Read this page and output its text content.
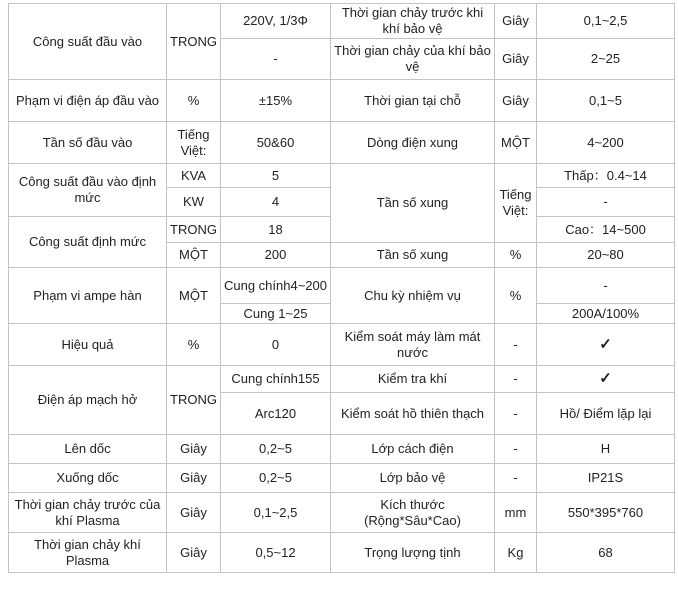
Công suất đầu vào	TRONG	220V, 1/3Φ	Thời gian chảy trước khi khí bảo vệ	Giây	0,1~2,5
		-	Thời gian chảy của khí bảo vệ	Giây	2~25
Phạm vi điện áp đầu vào	%	±15%	Thời gian tại chỗ	Giây	0,1~5
Tần số đầu vào	Tiếng Việt:	50&60	Dòng điện xung	MỘT	4~200
Công suất đầu vào định mức	KVA	5	Tần số xung	Tiếng Việt:	Thấp：0.4~14
	KW	4			-
Công suất định mức	TRONG	18			Cao：14~500
	MỘT	200	Tần số xung	%	20~80
Phạm vi ampe hàn	MỘT	Cung chính4~200	Chu kỳ nhiệm vụ	%	-
		Cung 1~25			200A/100%
Hiệu quả	%	0	Kiểm soát máy làm mát nước	-	✓
Điện áp mạch hở	TRONG	Cung chính155	Kiểm tra khí	-	✓
		Arc120	Kiểm soát hồ thiên thạch	-	Hồ/ Điểm lặp lại
Lên dốc	Giây	0,2~5	Lớp cách điện	-	H
Xuống dốc	Giây	0,2~5	Lớp bảo vệ	-	IP21S
Thời gian chảy trước của khí Plasma	Giây	0,1~2,5	Kích thước (Rộng*Sâu*Cao)	mm	550*395*760
Thời gian chảy khí Plasma	Giây	0,5~12	Trọng lượng tịnh	Kg	68
